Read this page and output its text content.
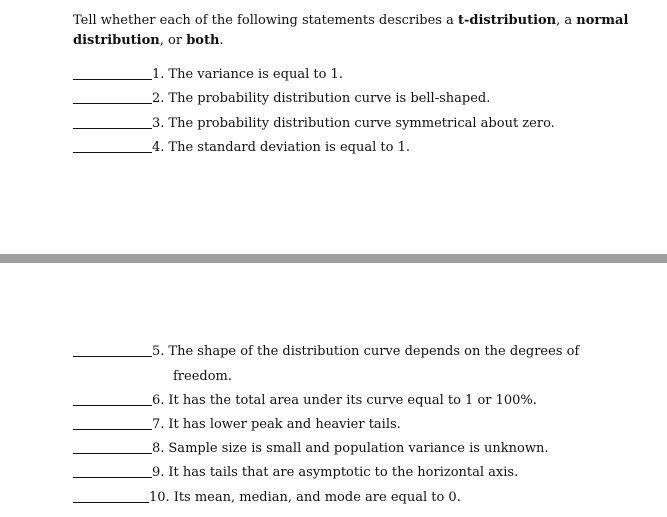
Tell whether each of the following statements describes a t-distribution, a normal distribution, or both.
1. The variance is equal to 1.
2. The probability distribution curve is bell-shaped.
3. The probability distribution curve symmetrical about zero.
4. The standard deviation is equal to 1.
5. The shape of the distribution curve depends on the degrees of
freedom.
6. It has the total area under its curve equal to 1 or 100%.
7. It has lower peak and heavier tails.
8. Sample size is small and population variance is unknown.
9. It has tails that are asymptotic to the horizontal axis.
10. Its mean, median, and mode are equal to 0.
